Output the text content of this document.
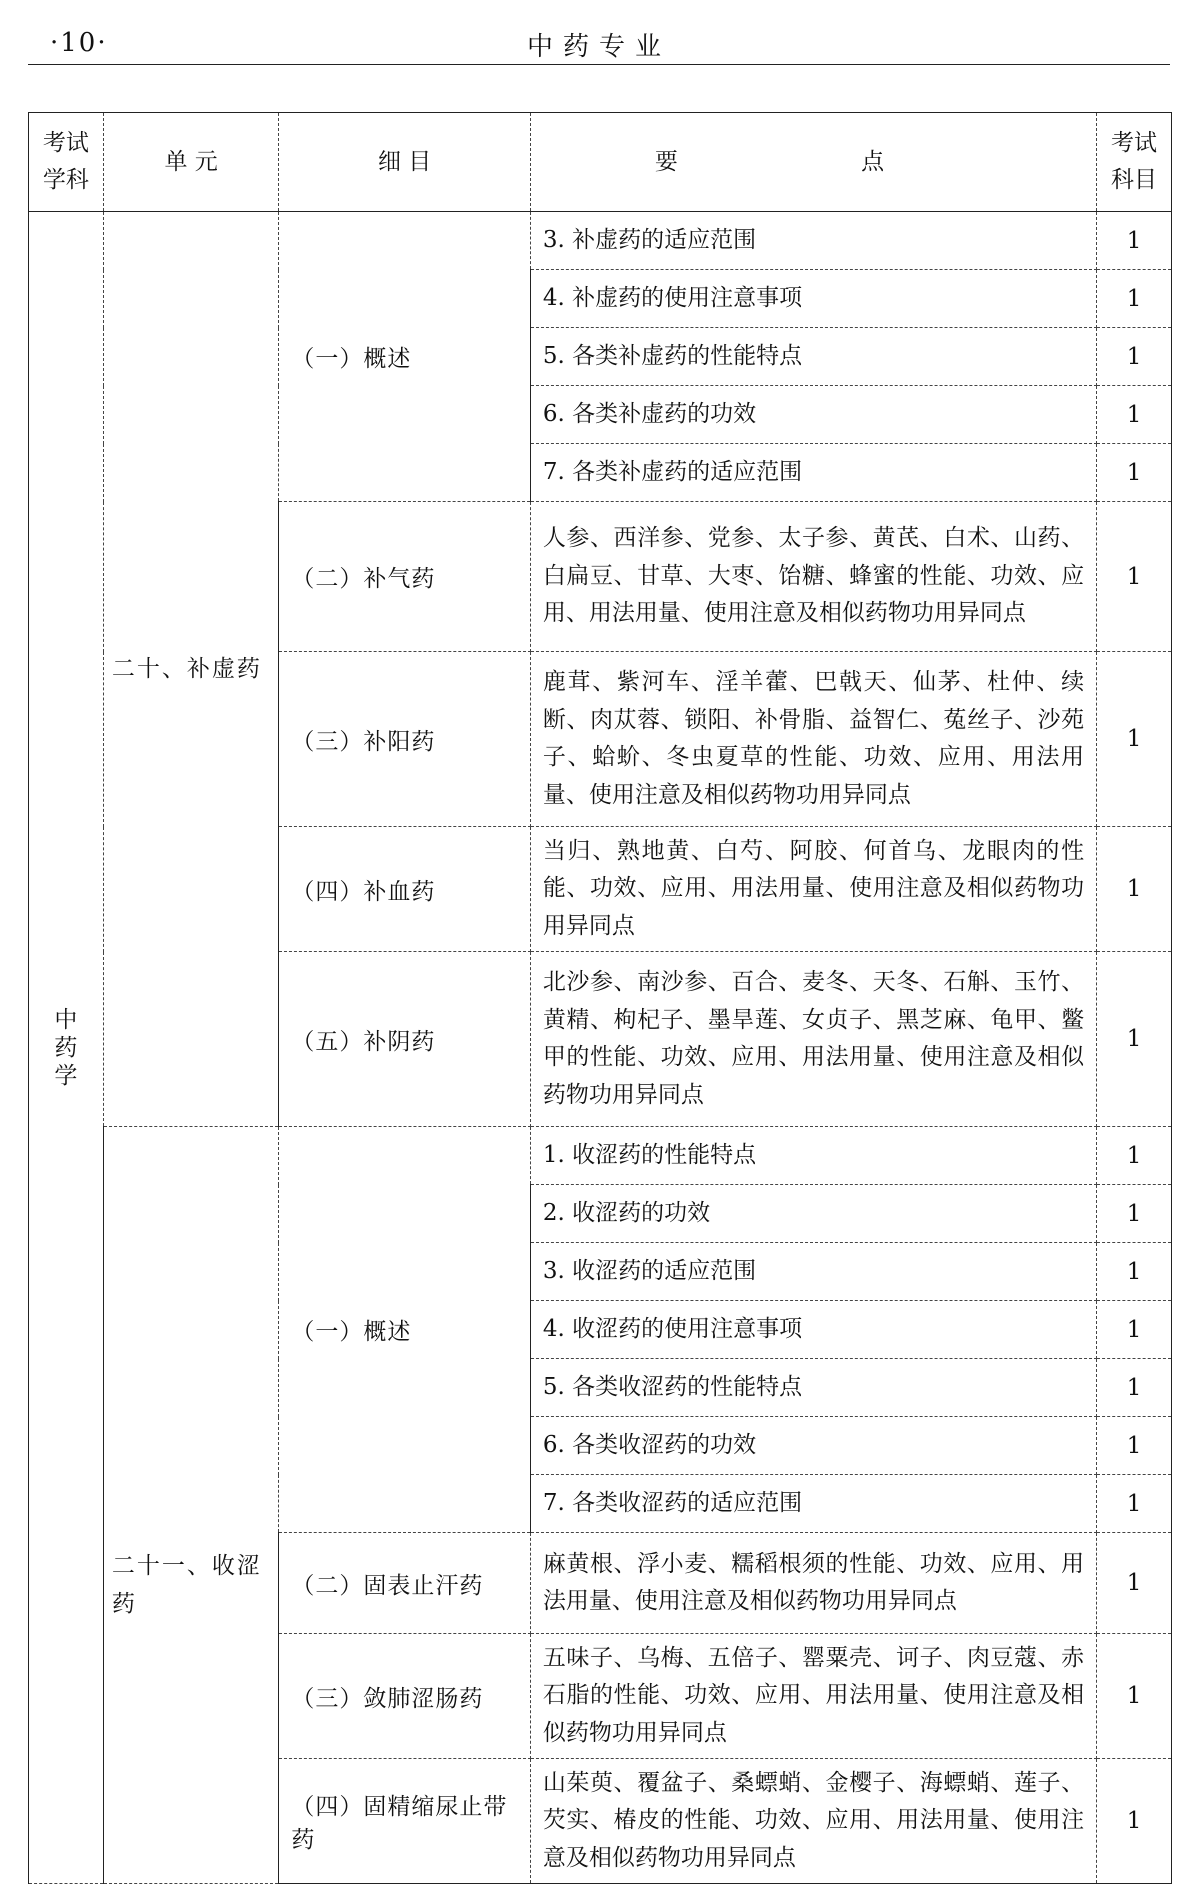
·10·	中药专业
考试学科	单 元	细 目	要 点	考试科目
中药学	二十、补虚药	（一）概述	3. 补虚药的适应范围	1
			4. 补虚药的使用注意事项	1
			5. 各类补虚药的性能特点	1
			6. 各类补虚药的功效	1
			7. 各类补虚药的适应范围	1
		（二）补气药	人参、西洋参、党参、太子参、黄芪、白术、山药、白扁豆、甘草、大枣、饴糖、蜂蜜的性能、功效、应用、用法用量、使用注意及相似药物功用异同点	1
		（三）补阳药	鹿茸、紫河车、淫羊藿、巴戟天、仙茅、杜仲、续断、肉苁蓉、锁阳、补骨脂、益智仁、菟丝子、沙苑子、蛤蚧、冬虫夏草的性能、功效、应用、用法用量、使用注意及相似药物功用异同点	1
		（四）补血药	当归、熟地黄、白芍、阿胶、何首乌、龙眼肉的性能、功效、应用、用法用量、使用注意及相似药物功用异同点	1
		（五）补阴药	北沙参、南沙参、百合、麦冬、天冬、石斛、玉竹、黄精、枸杞子、墨旱莲、女贞子、黑芝麻、龟甲、鳖甲的性能、功效、应用、用法用量、使用注意及相似药物功用异同点	1
	二十一、收涩药	（一）概述	1. 收涩药的性能特点	1
			2. 收涩药的功效	1
			3. 收涩药的适应范围	1
			4. 收涩药的使用注意事项	1
			5. 各类收涩药的性能特点	1
			6. 各类收涩药的功效	1
			7. 各类收涩药的适应范围	1
		（二）固表止汗药	麻黄根、浮小麦、糯稻根须的性能、功效、应用、用法用量、使用注意及相似药物功用异同点	1
		（三）敛肺涩肠药	五味子、乌梅、五倍子、罂粟壳、诃子、肉豆蔻、赤石脂的性能、功效、应用、用法用量、使用注意及相似药物功用异同点	1
		（四）固精缩尿止带药	山茱萸、覆盆子、桑螵蛸、金樱子、海螵蛸、莲子、芡实、椿皮的性能、功效、应用、用法用量、使用注意及相似药物功用异同点	1
